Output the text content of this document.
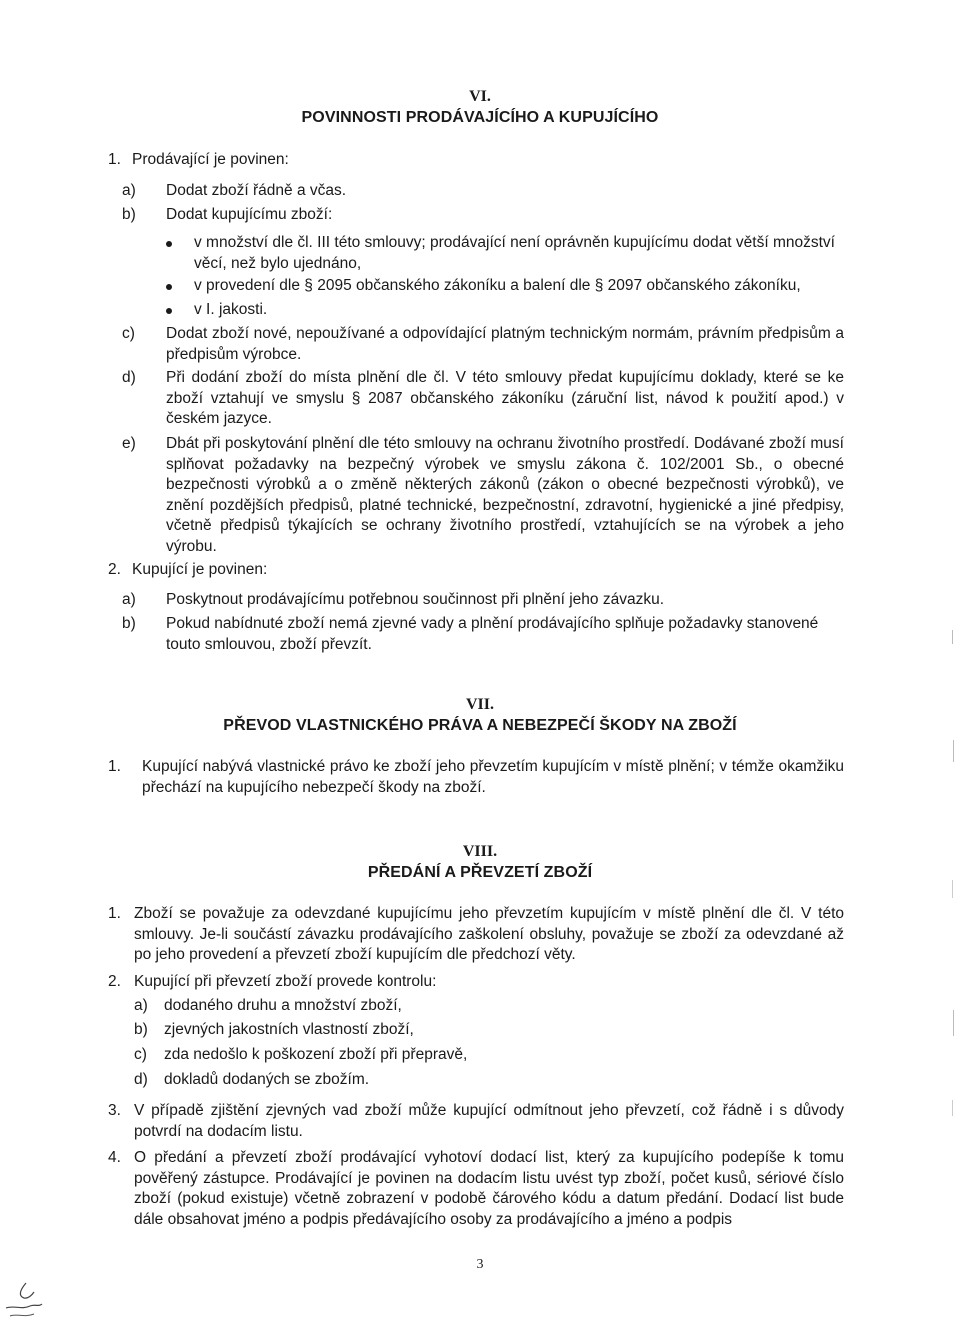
VI.
POVINNOSTI PRODÁVAJÍCÍHO A KUPUJÍCÍHO
1. Prodávající je povinen:
a)	Dodat zboží řádně a včas.
b)	Dodat kupujícímu zboží:
v množství dle čl. III této smlouvy; prodávající není oprávněn kupujícímu dodat větší množství věcí, než bylo ujednáno,
v provedení dle § 2095 občanského zákoníku a balení dle § 2097 občanského zákoníku,
v I. jakosti.
c)	Dodat zboží nové, nepoužívané a odpovídající platným technickým normám, právním předpisům a předpisům výrobce.
d)	Při dodání zboží do místa plnění dle čl. V této smlouvy předat kupujícímu doklady, které se ke zboží vztahují ve smyslu § 2087 občanského zákoníku (záruční list, návod k použití apod.) v českém jazyce.
e)	Dbát při poskytování plnění dle této smlouvy na ochranu životního prostředí. Dodávané zboží musí splňovat požadavky na bezpečný výrobek ve smyslu zákona č. 102/2001 Sb., o obecné bezpečnosti výrobků a o změně některých zákonů (zákon o obecné bezpečnosti výrobků), ve znění pozdějších předpisů, platné technické, bezpečnostní, zdravotní, hygienické a jiné předpisy, včetně předpisů týkajících se ochrany životního prostředí, vztahujících se na výrobek a jeho výrobu.
2. Kupující je povinen:
a)	Poskytnout prodávajícímu potřebnou součinnost při plnění jeho závazku.
b)	Pokud nabídnuté zboží nemá zjevné vady a plnění prodávajícího splňuje požadavky stanovené touto smlouvou, zboží převzít.
VII.
PŘEVOD VLASTNICKÉHO PRÁVA A NEBEZPEČÍ ŠKODY NA ZBOŽÍ
1.	Kupující nabývá vlastnické právo ke zboží jeho převzetím kupujícím v místě plnění; v témže okamžiku přechází na kupujícího nebezpečí škody na zboží.
VIII.
PŘEDÁNÍ A PŘEVZETÍ ZBOŽÍ
1. Zboží se považuje za odevzdané kupujícímu jeho převzetím kupujícím v místě plnění dle čl. V této smlouvy. Je-li součástí závazku prodávajícího zaškolení obsluhy, považuje se zboží za odevzdané až po jeho provedení a převzetí zboží kupujícím dle předchozí věty.
2. Kupující při převzetí zboží provede kontrolu:
a)	dodaného druhu a množství zboží,
b)	zjevných jakostních vlastností zboží,
c)	zda nedošlo k poškození zboží při přepravě,
d)	dokladů dodaných se zbožím.
3. V případě zjištění zjevných vad zboží může kupující odmítnout jeho převzetí, což řádně i s důvody potvrdí na dodacím listu.
4. O předání a převzetí zboží prodávající vyhotoví dodací list, který za kupujícího podepíše k tomu pověřený zástupce. Prodávající je povinen na dodacím listu uvést typ zboží, počet kusů, sériové číslo zboží (pokud existuje) včetně zobrazení v podobě čárového kódu a datum předání. Dodací list bude dále obsahovat jméno a podpis předávajícího osoby za prodávajícího a jméno a podpis
3
